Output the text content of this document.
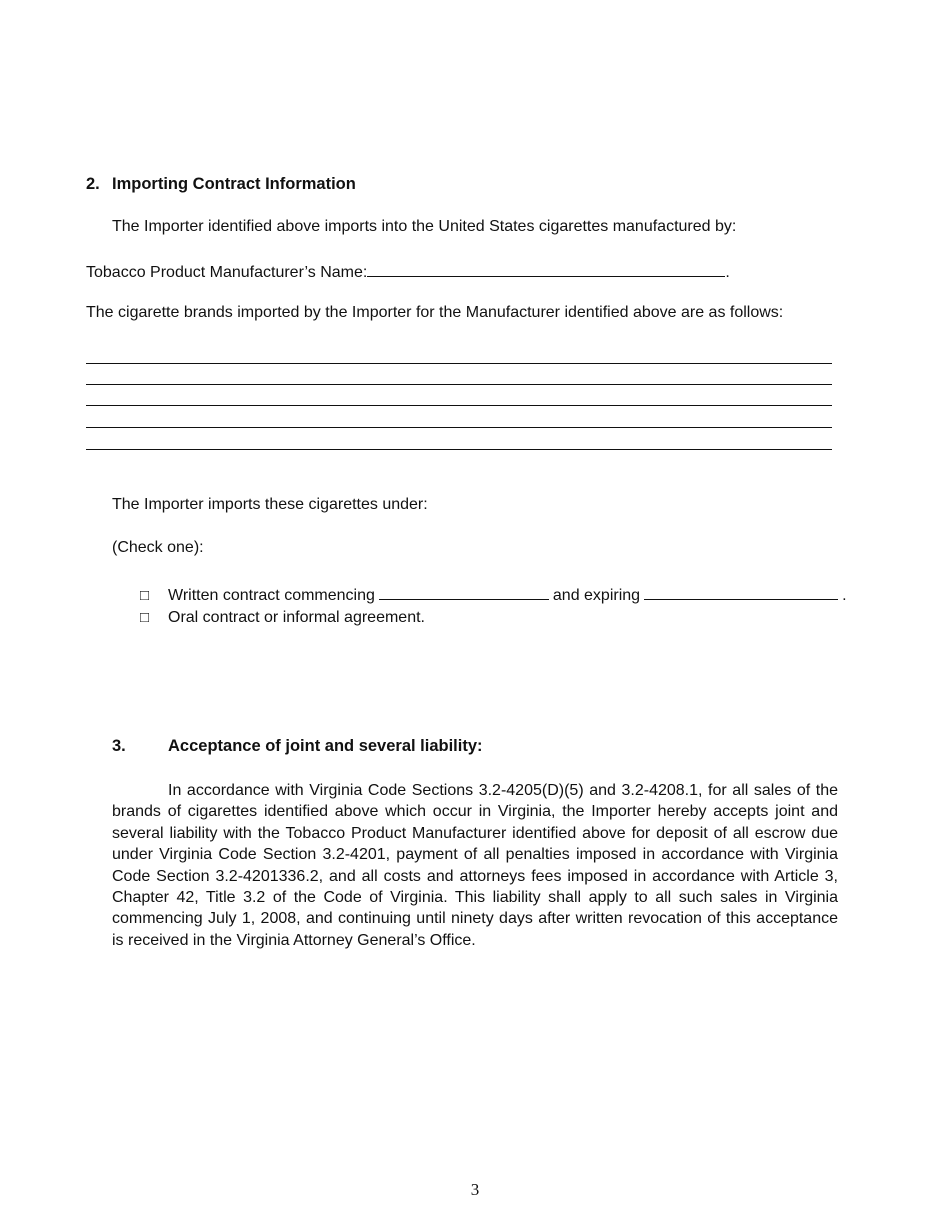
2. Importing Contract Information
The Importer identified above imports into the United States cigarettes manufactured by:
Tobacco Product Manufacturer’s Name:	.
The cigarette brands imported by the Importer for the Manufacturer identified above are as follows:
The Importer imports these cigarettes under:
(Check one):
□ Written contract commencing	and expiring	.
□ Oral contract or informal agreement.
3.	Acceptance of joint and several liability:

In accordance with Virginia Code Sections 3.2-4205(D)(5) and 3.2-4208.1, for all sales of the brands of cigarettes identified above which occur in Virginia, the Importer hereby accepts joint and several liability with the Tobacco Product Manufacturer identified above for deposit of all escrow due under Virginia Code Section 3.2-4201, payment of all penalties imposed in accordance with Virginia Code Section 3.2-4201336.2, and all costs and attorneys fees imposed in accordance with Article 3, Chapter 42, Title 3.2 of the Code of Virginia. This liability shall apply to all such sales in Virginia commencing July 1, 2008, and continuing until ninety days after written revocation of this acceptance is received in the Virginia Attorney General’s Office.

3
